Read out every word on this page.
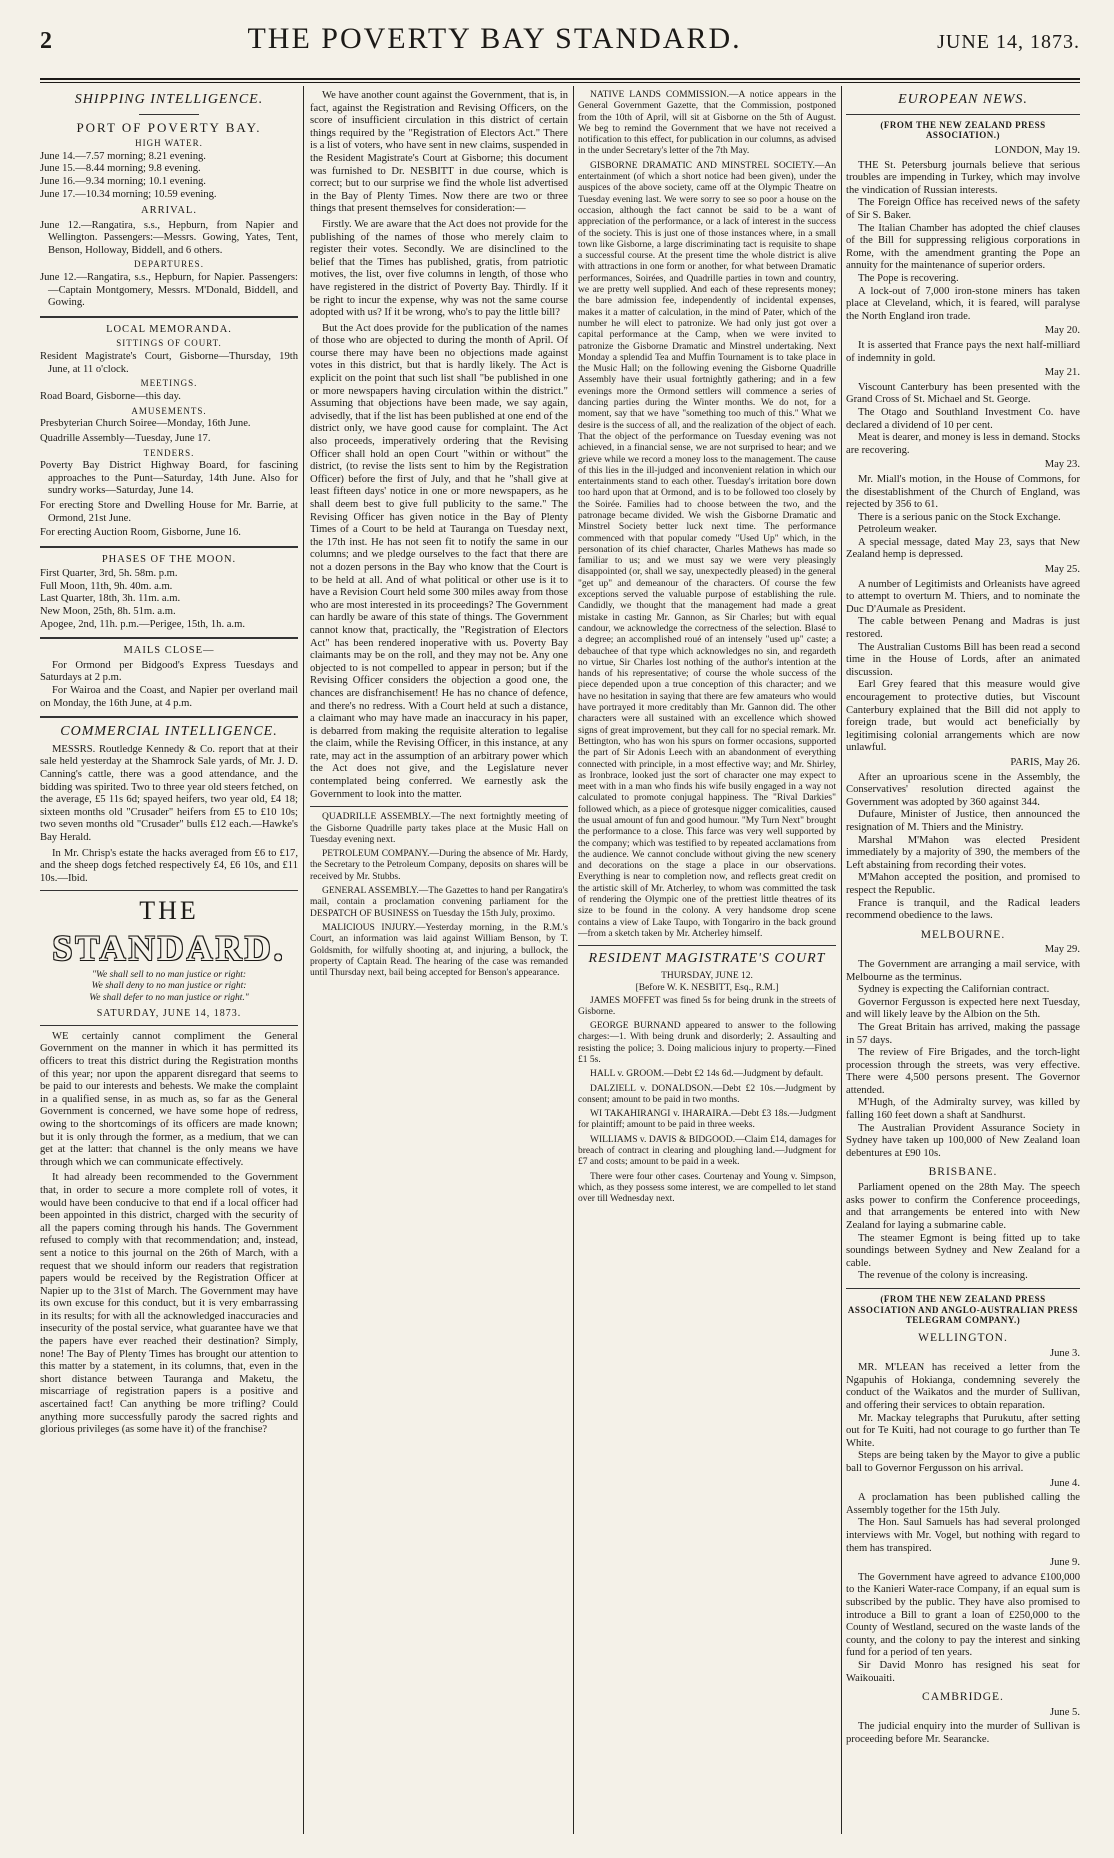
2	THE POVERTY BAY STANDARD.	JUNE 14, 1873.
SHIPPING INTELLIGENCE.
PORT OF POVERTY BAY.
HIGH WATER.
June 14.—7.57 morning; 8.21 evening.
June 15.—8.44 morning; 9.8 evening.
June 16.—9.34 morning; 10.1 evening.
June 17.—10.34 morning; 10.59 evening.
ARRIVAL.
June 12.—Rangatira, s.s., Hepburn, from Napier and Wellington. Passengers:—Messrs. Gowing, Yates, Tent, Benson, Holloway, Biddell, and 6 others.
DEPARTURES.
June 12.—Rangatira, s.s., Hepburn, for Napier. Passengers:—Captain Montgomery, Messrs. M'Donald, Biddell, and Gowing.
LOCAL MEMORANDA.
SITTINGS OF COURT.
Resident Magistrate's Court, Gisborne—Thursday, 19th June, at 11 o'clock.
MEETINGS.
Road Board, Gisborne—this day.
AMUSEMENTS.
Presbyterian Church Soiree—Monday, 16th June.
Quadrille Assembly—Tuesday, June 17.
TENDERS.
Poverty Bay District Highway Board, for fascining approaches to the Punt—Saturday, 14th June. Also for sundry works—Saturday, June 14.
For erecting Store and Dwelling House for Mr. Barrie, at Ormond, 21st June.
For erecting Auction Room, Gisborne, June 16.
PHASES OF THE MOON.
First Quarter, 3rd, 5h. 58m. p.m.
Full Moon, 11th, 9h. 40m. a.m.
Last Quarter, 18th, 3h. 11m. a.m.
New Moon, 25th, 8h. 51m. a.m.
Apogee, 2nd, 11h. p.m.—Perigee, 15th, 1h. a.m.
MAILS CLOSE—
For Ormond per Bidgood's Express Tuesdays and Saturdays at 2 p.m.
For Wairoa and the Coast, and Napier per overland mail on Monday, the 16th June, at 4 p.m.
COMMERCIAL INTELLIGENCE.

MESSRS. Routledge Kennedy & Co. report that at their sale held yesterday at the Shamrock Sale yards, of Mr. J. D. Canning's cattle, there was a good attendance, and the bidding was spirited. Two to three year old steers fetched, on the average, £5 11s 6d; spayed heifers, two year old, £4 18; sixteen months old "Crusader" heifers from £5 to £10 10s; two seven months old "Crusader" bulls £12 each.—Hawke's Bay Herald.

In Mr. Chrisp's estate the hacks averaged from £6 to £17, and the sheep dogs fetched respectively £4, £6 10s, and £11 10s.—Ibid.

THE
STANDARD.
"We shall sell to no man justice or right:
We shall deny to no man justice or right:
We shall defer to no man justice or right."
SATURDAY, JUNE 14, 1873.

WE certainly cannot compliment the General Government on the manner in which it has permitted its officers to treat this district during the Registration months of this year; nor upon the apparent disregard that seems to be paid to our interests and behests. We make the complaint in a qualified sense, in as much as, so far as the General Government is concerned, we have some hope of redress, owing to the shortcomings of its officers are made known; but it is only through the former, as a medium, that we can get at the latter: that channel is the only means we have through which we can communicate effectively.

It had already been recommended to the Government that, in order to secure a more complete roll of votes, it would have been conducive to that end if a local officer had been appointed in this district, charged with the security of all the papers coming through his hands. The Government refused to comply with that recommendation; and, instead, sent a notice to this journal on the 26th of March, with a request that we should inform our readers that registration papers would be received by the Registration Officer at Napier up to the 31st of March. The Government may have its own excuse for this conduct, but it is very embarrassing in its results; for with all the acknowledged inaccuracies and insecurity of the postal service, what guarantee have we that the papers have ever reached their destination? Simply, none! The Bay of Plenty Times has brought our attention to this matter by a statement, in its columns, that, even in the short distance between Tauranga and Maketu, the miscarriage of registration papers is a positive and ascertained fact! Can anything be more trifling? Could anything more successfully parody the sacred rights and glorious privileges (as some have it) of the franchise?

We have another count against the Government, that is, in fact, against the Registration and Revising Officers, on the score of insufficient circulation in this district of certain things required by the "Registration of Electors Act." There is a list of voters, who have sent in new claims, suspended in the Resident Magistrate's Court at Gisborne; this document was furnished to Dr. NESBITT in due course, which is correct; but to our surprise we find the whole list advertised in the Bay of Plenty Times. Now there are two or three things that present themselves for consideration:—

Firstly. We are aware that the Act does not provide for the publishing of the names of those who merely claim to register their votes. Secondly. We are disinclined to the belief that the Times has published, gratis, from patriotic motives, the list, over five columns in length, of those who have registered in the district of Poverty Bay. Thirdly. If it be right to incur the expense, why was not the same course adopted with us? If it be wrong, who's to pay the little bill?

But the Act does provide for the publication of the names of those who are objected to during the month of April. Of course there may have been no objections made against votes in this district, but that is hardly likely. The Act is explicit on the point that such list shall "be published in one or more newspapers having circulation within the district." Assuming that objections have been made, we say again, advisedly, that if the list has been published at one end of the district only, we have good cause for complaint. The Act also proceeds, imperatively ordering that the Revising Officer shall hold an open Court "within or without" the district, (to revise the lists sent to him by the Registration Officer) before the first of July, and that he "shall give at least fifteen days' notice in one or more newspapers, as he shall deem best to give full publicity to the same." The Revising Officer has given notice in the Bay of Plenty Times of a Court to be held at Tauranga on Tuesday next, the 17th inst. He has not seen fit to notify the same in our columns; and we pledge ourselves to the fact that there are not a dozen persons in the Bay who know that the Court is to be held at all. And of what political or other use is it to have a Revision Court held some 300 miles away from those who are most interested in its proceedings? The Government can hardly be aware of this state of things. The Government cannot know that, practically, the "Registration of Electors Act" has been rendered inoperative with us. Poverty Bay claimants may be on the roll, and they may not be. Any one objected to is not compelled to appear in person; but if the Revising Officer considers the objection a good one, the chances are disfranchisement! He has no chance of defence, and there's no redress. With a Court held at such a distance, a claimant who may have made an inaccuracy in his paper, is debarred from making the requisite alteration to legalise the claim, while the Revising Officer, in this instance, at any rate, may act in the assumption of an arbitrary power which the Act does not give, and the Legislature never contemplated being conferred. We earnestly ask the Government to look into the matter.

QUADRILLE ASSEMBLY.—The next fortnightly meeting of the Gisborne Quadrille party takes place at the Music Hall on Tuesday evening next.
PETROLEUM COMPANY.—During the absence of Mr. Hardy, the Secretary to the Petroleum Company, deposits on shares will be received by Mr. Stubbs.
GENERAL ASSEMBLY.—The Gazettes to hand per Rangatira's mail, contain a proclamation convening parliament for the DESPATCH OF BUSINESS on Tuesday the 15th July, proximo.
MALICIOUS INJURY.—Yesterday morning, in the R.M.'s Court, an information was laid against William Benson, by T. Goldsmith, for wilfully shooting at, and injuring, a bullock, the property of Captain Read. The hearing of the case was remanded until Thursday next, bail being accepted for Benson's appearance.
NATIVE LANDS COMMISSION.—A notice appears in the General Government Gazette, that the Commission, postponed from the 10th of April, will sit at Gisborne on the 5th of August. We beg to remind the Government that we have not received a notification to this effect, for publication in our columns, as advised in the under Secretary's letter of the 7th May.
GISBORNE DRAMATIC AND MINSTREL SOCIETY.—An entertainment (of which a short notice had been given), under the auspices of the above society, came off at the Olympic Theatre on Tuesday evening last. We were sorry to see so poor a house on the occasion, although the fact cannot be said to be a want of appreciation of the performance, or a lack of interest in the success of the society. This is just one of those instances where, in a small town like Gisborne, a large discriminating tact is requisite to shape a successful course. At the present time the whole district is alive with attractions in one form or another, for what between Dramatic performances, Soirées, and Quadrille parties in town and country, we are pretty well supplied. And each of these represents money; the bare admission fee, independently of incidental expenses, makes it a matter of calculation, in the mind of Pater, which of the number he will elect to patronize. We had only just got over a capital performance at the Camp, when we were invited to patronize the Gisborne Dramatic and Minstrel undertaking. Next Monday a splendid Tea and Muffin Tournament is to take place in the Music Hall; on the following evening the Gisborne Quadrille Assembly have their usual fortnightly gathering; and in a few evenings more the Ormond settlers will commence a series of dancing parties during the Winter months. We do not, for a moment, say that we have "something too much of this." What we desire is the success of all, and the realization of the object of each. That the object of the performance on Tuesday evening was not achieved, in a financial sense, we are not surprised to hear; and we grieve while we record a money loss to the management. The cause of this lies in the ill-judged and inconvenient relation in which our entertainments stand to each other. Tuesday's irritation bore down too hard upon that at Ormond, and is to be followed too closely by the Soirée. Families had to choose between the two, and the patronage became divided. We wish the Gisborne Dramatic and Minstrel Society better luck next time. The performance commenced with that popular comedy "Used Up" which, in the personation of its chief character, Charles Mathews has made so familiar to us; and we must say we were very pleasingly disappointed (or, shall we say, unexpectedly pleased) in the general "get up" and demeanour of the characters. Of course the few exceptions served the valuable purpose of establishing the rule. Candidly, we thought that the management had made a great mistake in casting Mr. Gannon, as Sir Charles; but with equal candour, we acknowledge the correctness of the selection. Blasé to a degree; an accomplished roué of an intensely "used up" caste; a debauchee of that type which acknowledges no sin, and regardeth no virtue, Sir Charles lost nothing of the author's intention at the hands of his representative; of course the whole success of the piece depended upon a true conception of this character; and we have no hesitation in saying that there are few amateurs who would have portrayed it more creditably than Mr. Gannon did. The other characters were all sustained with an excellence which showed signs of great improvement, but they call for no special remark. Mr. Bettington, who has won his spurs on former occasions, supported the part of Sir Adonis Leech with an abandonment of everything connected with principle, in a most effective way; and Mr. Shirley, as Ironbrace, looked just the sort of character one may expect to meet with in a man who finds his wife busily engaged in a way not calculated to promote conjugal happiness. The "Rival Darkies" followed which, as a piece of grotesque nigger comicalities, caused the usual amount of fun and good humour. "My Turn Next" brought the performance to a close. This farce was very well supported by the company; which was testified to by repeated acclamations from the audience. We cannot conclude without giving the new scenery and decorations on the stage a place in our observations. Everything is near to completion now, and reflects great credit on the artistic skill of Mr. Atcherley, to whom was committed the task of rendering the Olympic one of the prettiest little theatres of its size to be found in the colony. A very handsome drop scene contains a view of Lake Taupo, with Tongariro in the back ground—from a sketch taken by Mr. Atcherley himself.
RESIDENT MAGISTRATE'S COURT
THURSDAY, JUNE 12.
[Before W. K. NESBITT, Esq., R.M.]
JAMES MOFFET was fined 5s for being drunk in the streets of Gisborne.
GEORGE BURNAND appeared to answer to the following charges:—1. With being drunk and disorderly; 2. Assaulting and resisting the police; 3. Doing malicious injury to property.—Fined £1 5s.
HALL v. GROOM.—Debt £2 14s 6d.—Judgment by default.
DALZIELL v. DONALDSON.—Debt £2 10s.—Judgment by consent; amount to be paid in two months.
WI TAKAHIRANGI v. IHARAIRA.—Debt £3 18s.—Judgment for plaintiff; amount to be paid in three weeks.
WILLIAMS v. DAVIS & BIDGOOD.—Claim £14, damages for breach of contract in clearing and ploughing land.—Judgment for £7 and costs; amount to be paid in a week.
There were four other cases. Courtenay and Young v. Simpson, which, as they possess some interest, we are compelled to let stand over till Wednesday next.
EUROPEAN NEWS.
(FROM THE NEW ZEALAND PRESS ASSOCIATION.)
LONDON, May 19.
THE St. Petersburg journals believe that serious troubles are impending in Turkey, which may involve the vindication of Russian interests.
The Foreign Office has received news of the safety of Sir S. Baker.
The Italian Chamber has adopted the chief clauses of the Bill for suppressing religious corporations in Rome, with the amendment granting the Pope an annuity for the maintenance of superior orders.
The Pope is recovering.
A lock-out of 7,000 iron-stone miners has taken place at Cleveland, which, it is feared, will paralyse the North England iron trade.
May 20.
It is asserted that France pays the next half-milliard of indemnity in gold.
May 21.
Viscount Canterbury has been presented with the Grand Cross of St. Michael and St. George.
The Otago and Southland Investment Co. have declared a dividend of 10 per cent.
Meat is dearer, and money is less in demand. Stocks are recovering.
May 23.
Mr. Miall's motion, in the House of Commons, for the disestablishment of the Church of England, was rejected by 356 to 61.
There is a serious panic on the Stock Exchange.
Petroleum weaker.
A special message, dated May 23, says that New Zealand hemp is depressed.
May 25.
A number of Legitimists and Orleanists have agreed to attempt to overturn M. Thiers, and to nominate the Duc D'Aumale as President.
The cable between Penang and Madras is just restored.
The Australian Customs Bill has been read a second time in the House of Lords, after an animated discussion.
Earl Grey feared that this measure would give encouragement to protective duties, but Viscount Canterbury explained that the Bill did not apply to foreign trade, but would act beneficially by legitimising colonial arrangements which are now unlawful.
PARIS, May 26.
After an uproarious scene in the Assembly, the Conservatives' resolution directed against the Government was adopted by 360 against 344.
Dufaure, Minister of Justice, then announced the resignation of M. Thiers and the Ministry.
Marshal M'Mahon was elected President immediately by a majority of 390, the members of the Left abstaining from recording their votes.
M'Mahon accepted the position, and promised to respect the Republic.
France is tranquil, and the Radical leaders recommend obedience to the laws.
MELBOURNE.
May 29.
The Government are arranging a mail service, with Melbourne as the terminus.
Sydney is expecting the Californian contract.
Governor Fergusson is expected here next Tuesday, and will likely leave by the Albion on the 5th.
The Great Britain has arrived, making the passage in 57 days.
The review of Fire Brigades, and the torch-light procession through the streets, was very effective. There were 4,500 persons present. The Governor attended.
M'Hugh, of the Admiralty survey, was killed by falling 160 feet down a shaft at Sandhurst.
The Australian Provident Assurance Society in Sydney have taken up 100,000 of New Zealand loan debentures at £90 10s.
BRISBANE.
Parliament opened on the 28th May. The speech asks power to confirm the Conference proceedings, and that arrangements be entered into with New Zealand for laying a submarine cable.
The steamer Egmont is being fitted up to take soundings between Sydney and New Zealand for a cable.
The revenue of the colony is increasing.
(FROM THE NEW ZEALAND PRESS ASSOCIATION AND ANGLO-AUSTRALIAN PRESS TELEGRAM COMPANY.)
WELLINGTON.
June 3.
MR. M'LEAN has received a letter from the Ngapuhis of Hokianga, condemning severely the conduct of the Waikatos and the murder of Sullivan, and offering their services to obtain reparation.
Mr. Mackay telegraphs that Purukutu, after setting out for Te Kuiti, had not courage to go further than Te White.
Steps are being taken by the Mayor to give a public ball to Governor Fergusson on his arrival.
June 4.
A proclamation has been published calling the Assembly together for the 15th July.
The Hon. Saul Samuels has had several prolonged interviews with Mr. Vogel, but nothing with regard to them has transpired.
June 9.
The Government have agreed to advance £100,000 to the Kanieri Water-race Company, if an equal sum is subscribed by the public. They have also promised to introduce a Bill to grant a loan of £250,000 to the County of Westland, secured on the waste lands of the county, and the colony to pay the interest and sinking fund for a period of ten years.
Sir David Monro has resigned his seat for Waikouaiti.
CAMBRIDGE.
June 5.
The judicial enquiry into the murder of Sullivan is proceeding before Mr. Searancke.
